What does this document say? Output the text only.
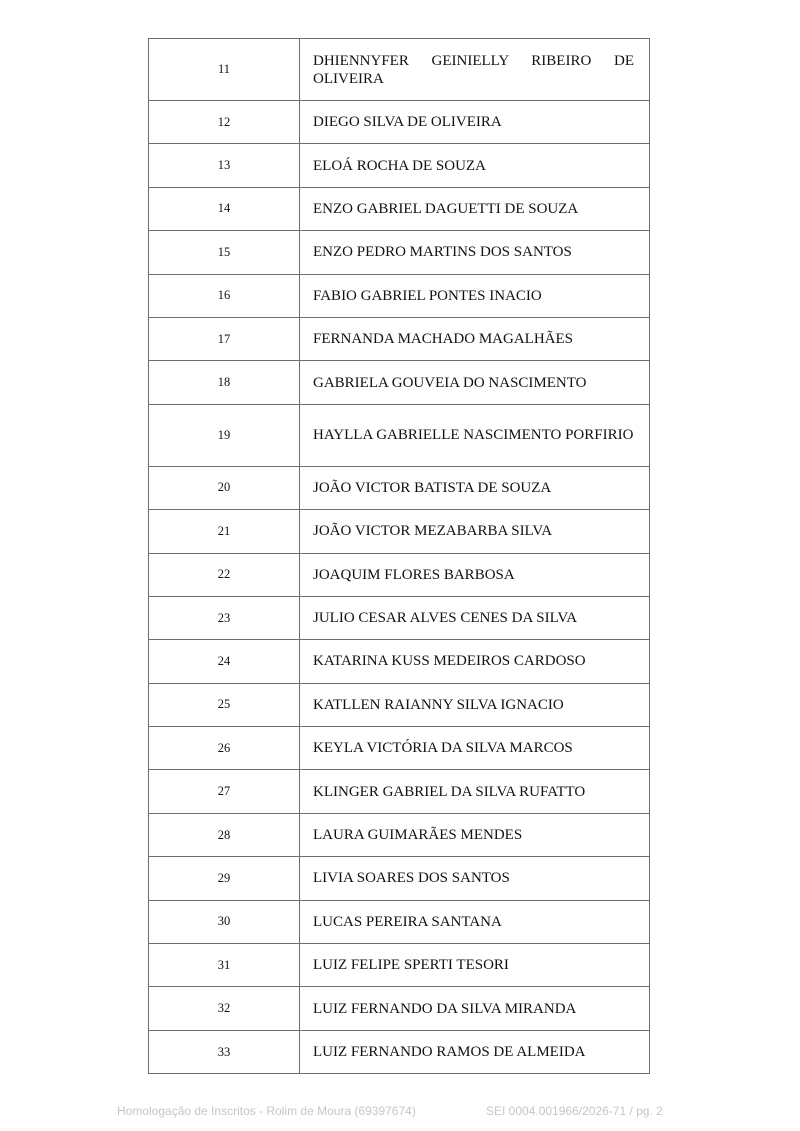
11	DHIENNYFER GEINIELLY RIBEIRO DE OLIVEIRA
12	DIEGO SILVA DE OLIVEIRA
13	ELOÁ ROCHA DE SOUZA
14	ENZO GABRIEL DAGUETTI DE SOUZA
15	ENZO PEDRO MARTINS DOS SANTOS
16	FABIO GABRIEL PONTES INACIO
17	FERNANDA MACHADO MAGALHÃES
18	GABRIELA GOUVEIA DO NASCIMENTO
19	HAYLLA GABRIELLE NASCIMENTO PORFIRIO
20	JOÃO VICTOR BATISTA DE SOUZA
21	JOÃO VICTOR MEZABARBA SILVA
22	JOAQUIM FLORES BARBOSA
23	JULIO CESAR ALVES CENES DA SILVA
24	KATARINA KUSS MEDEIROS CARDOSO
25	KATLLEN RAIANNY SILVA IGNACIO
26	KEYLA VICTÓRIA DA SILVA MARCOS
27	KLINGER GABRIEL DA SILVA RUFATTO
28	LAURA GUIMARÃES MENDES
29	LIVIA SOARES DOS SANTOS
30	LUCAS PEREIRA SANTANA
31	LUIZ FELIPE SPERTI TESORI
32	LUIZ FERNANDO DA SILVA MIRANDA
33	LUIZ FERNANDO RAMOS DE ALMEIDA
Homologação de Inscritos - Rolim de Moura (69397674)	SEI 0004.001966/2026-71 / pg. 2
